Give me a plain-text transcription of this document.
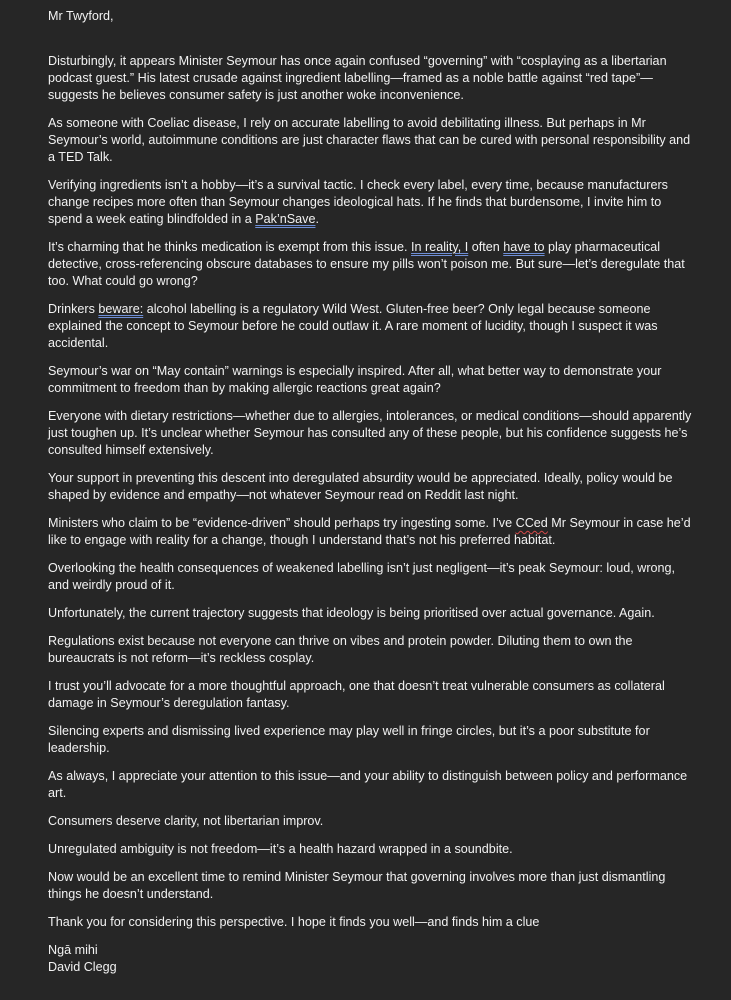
Mr Twyford,

Disturbingly, it appears Minister Seymour has once again confused “governing” with “cosplaying as a libertarian podcast guest.” His latest crusade against ingredient labelling—framed as a noble battle against “red tape”—suggests he believes consumer safety is just another woke inconvenience.

As someone with Coeliac disease, I rely on accurate labelling to avoid debilitating illness. But perhaps in Mr Seymour’s world, autoimmune conditions are just character flaws that can be cured with personal responsibility and a TED Talk.

Verifying ingredients isn’t a hobby—it’s a survival tactic. I check every label, every time, because manufacturers change recipes more often than Seymour changes ideological hats. If he finds that burdensome, I invite him to spend a week eating blindfolded in a Pak’nSave.

It’s charming that he thinks medication is exempt from this issue. In reality, I often have to play pharmaceutical detective, cross-referencing obscure databases to ensure my pills won’t poison me. But sure—let’s deregulate that too. What could go wrong?

Drinkers beware: alcohol labelling is a regulatory Wild West. Gluten-free beer? Only legal because someone explained the concept to Seymour before he could outlaw it. A rare moment of lucidity, though I suspect it was accidental.

Seymour’s war on “May contain” warnings is especially inspired. After all, what better way to demonstrate your commitment to freedom than by making allergic reactions great again?

Everyone with dietary restrictions—whether due to allergies, intolerances, or medical conditions—should apparently just toughen up. It’s unclear whether Seymour has consulted any of these people, but his confidence suggests he’s consulted himself extensively.

Your support in preventing this descent into deregulated absurdity would be appreciated. Ideally, policy would be shaped by evidence and empathy—not whatever Seymour read on Reddit last night.

Ministers who claim to be “evidence-driven” should perhaps try ingesting some. I’ve CCed Mr Seymour in case he’d like to engage with reality for a change, though I understand that’s not his preferred habitat.

Overlooking the health consequences of weakened labelling isn’t just negligent—it’s peak Seymour: loud, wrong, and weirdly proud of it.

Unfortunately, the current trajectory suggests that ideology is being prioritised over actual governance. Again.

Regulations exist because not everyone can thrive on vibes and protein powder. Diluting them to own the bureaucrats is not reform—it’s reckless cosplay.

I trust you’ll advocate for a more thoughtful approach, one that doesn’t treat vulnerable consumers as collateral damage in Seymour’s deregulation fantasy.

Silencing experts and dismissing lived experience may play well in fringe circles, but it’s a poor substitute for leadership.

As always, I appreciate your attention to this issue—and your ability to distinguish between policy and performance art.

Consumers deserve clarity, not libertarian improv.

Unregulated ambiguity is not freedom—it’s a health hazard wrapped in a soundbite.

Now would be an excellent time to remind Minister Seymour that governing involves more than just dismantling things he doesn’t understand.

Thank you for considering this perspective. I hope it finds you well—and finds him a clue

Ngā mihi

David Clegg
